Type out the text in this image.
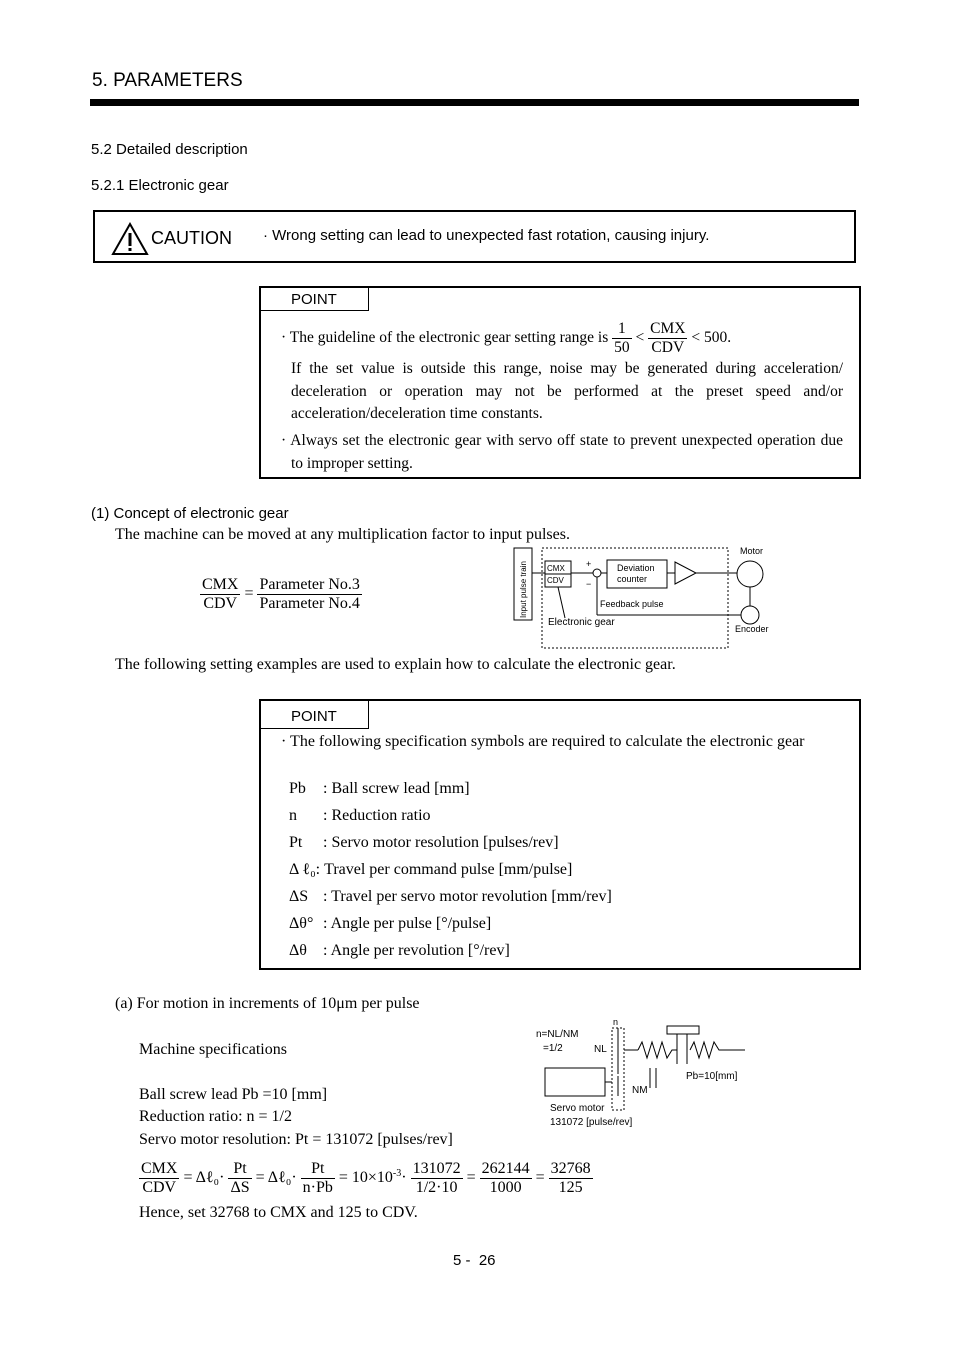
5. PARAMETERS
5.2 Detailed description
5.2.1 Electronic gear
CAUTION · Wrong setting can lead to unexpected fast rotation, causing injury.
POINT
· The guideline of the electronic gear setting range is $\frac{1}{50} < \frac{\text{CMX}}{\text{CDV}} < 500$.
If the set value is outside this range, noise may be generated during acceleration/ deceleration or operation may not be performed at the preset speed and/or acceleration/deceleration time constants.
· Always set the electronic gear with servo off state to prevent unexpected operation due to improper setting.
(1) Concept of electronic gear
The machine can be moved at any multiplication factor to input pulses.
$\frac{\text{CMX}}{\text{CDV}} = \frac{\text{Parameter No.3}}{\text{Parameter No.4}}$	Input pulse train CMX
CDV
+
−
Deviation
counter
Motor
Encoder
Feedback pulse
Electronic gear
The following setting examples are used to explain how to calculate the electronic gear.
POINT
· The following specification symbols are required to calculate the electronic gear
Pb : Ball screw lead [mm]
n : Reduction ratio
Pt : Servo motor resolution [pulses/rev]
Δ ℓ₀: Travel per command pulse [mm/pulse]
ΔS : Travel per servo motor revolution [mm/rev]
Δθ° : Angle per pulse [°/pulse]
Δθ : Angle per revolution [°/rev]
(a) For motion in increments of 10μm per pulse
Machine specifications
Ball screw lead Pb =10 [mm]
Reduction ratio: n = 1/2
Servo motor resolution: Pt = 131072 [pulses/rev]
n
n=NL/NM
=1/2	NL
Pb=10[mm]
NM
Servo motor
131072 [pulse/rev]
$\frac{\text{CMX}}{\text{CDV}}$ = Δℓ₀· $\frac{Pt}{\Delta S}$ = Δℓ₀· $\frac{Pt}{n\cdot Pb} = 10\times 10^{-3}\cdot \frac{131072}{1/2\cdot 10} = \frac{262144}{1000} = \frac{32768}{125}$
Hence, set 32768 to CMX and 125 to CDV.
5 -  26
